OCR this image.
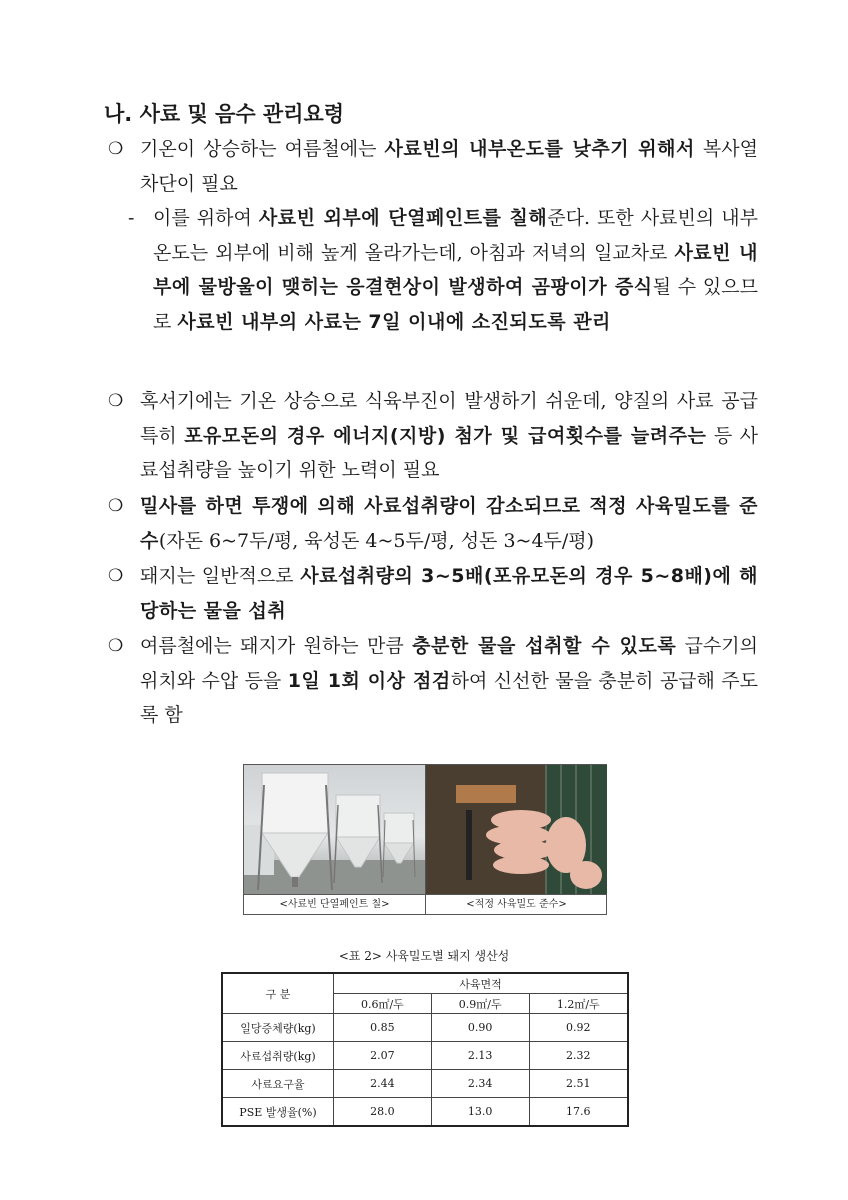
나. 사료 및 음수 관리요령
❍ 기온이 상승하는 여름철에는 사료빈의 내부온도를 낮추기 위해서 복사열 차단이 필요
- 이를 위하여 사료빈 외부에 단열페인트를 칠해준다. 또한 사료빈의 내부온도는 외부에 비해 높게 올라가는데, 아침과 저녁의 일교차로 사료빈 내부에 물방울이 맺히는 응결현상이 발생하여 곰팡이가 증식될 수 있으므로 사료빈 내부의 사료는 7일 이내에 소진되도록 관리
❍ 혹서기에는 기온 상승으로 식육부진이 발생하기 쉬운데, 양질의 사료 공급 특히 포유모돈의 경우 에너지(지방) 첨가 및 급여횟수를 늘려주는 등 사료섭취량을 높이기 위한 노력이 필요
❍ 밀사를 하면 투쟁에 의해 사료섭취량이 감소되므로 적정 사육밀도를 준수(자돈 6~7두/평, 육성돈 4~5두/평, 성돈 3~4두/평)
❍ 돼지는 일반적으로 사료섭취량의 3~5배(포유모돈의 경우 5~8배)에 해당하는 물을 섭취
❍ 여름철에는 돼지가 원하는 만큼 충분한 물을 섭취할 수 있도록 급수기의 위치와 수압 등을 1일 1회 이상 점검하여 신선한 물을 충분히 공급해 주도록 함
<사료빈 단열페인트 칠>	<적정 사육밀도 준수>
<표 2> 사육밀도별 돼지 생산성
구 분	사육면적		
	0.6㎡/두	0.9㎡/두	1.2㎡/두
일당증체량(kg)	0.85	0.90	0.92
사료섭취량(kg)	2.07	2.13	2.32
사료요구율	2.44	2.34	2.51
PSE 발생율(%)	28.0	13.0	17.6
